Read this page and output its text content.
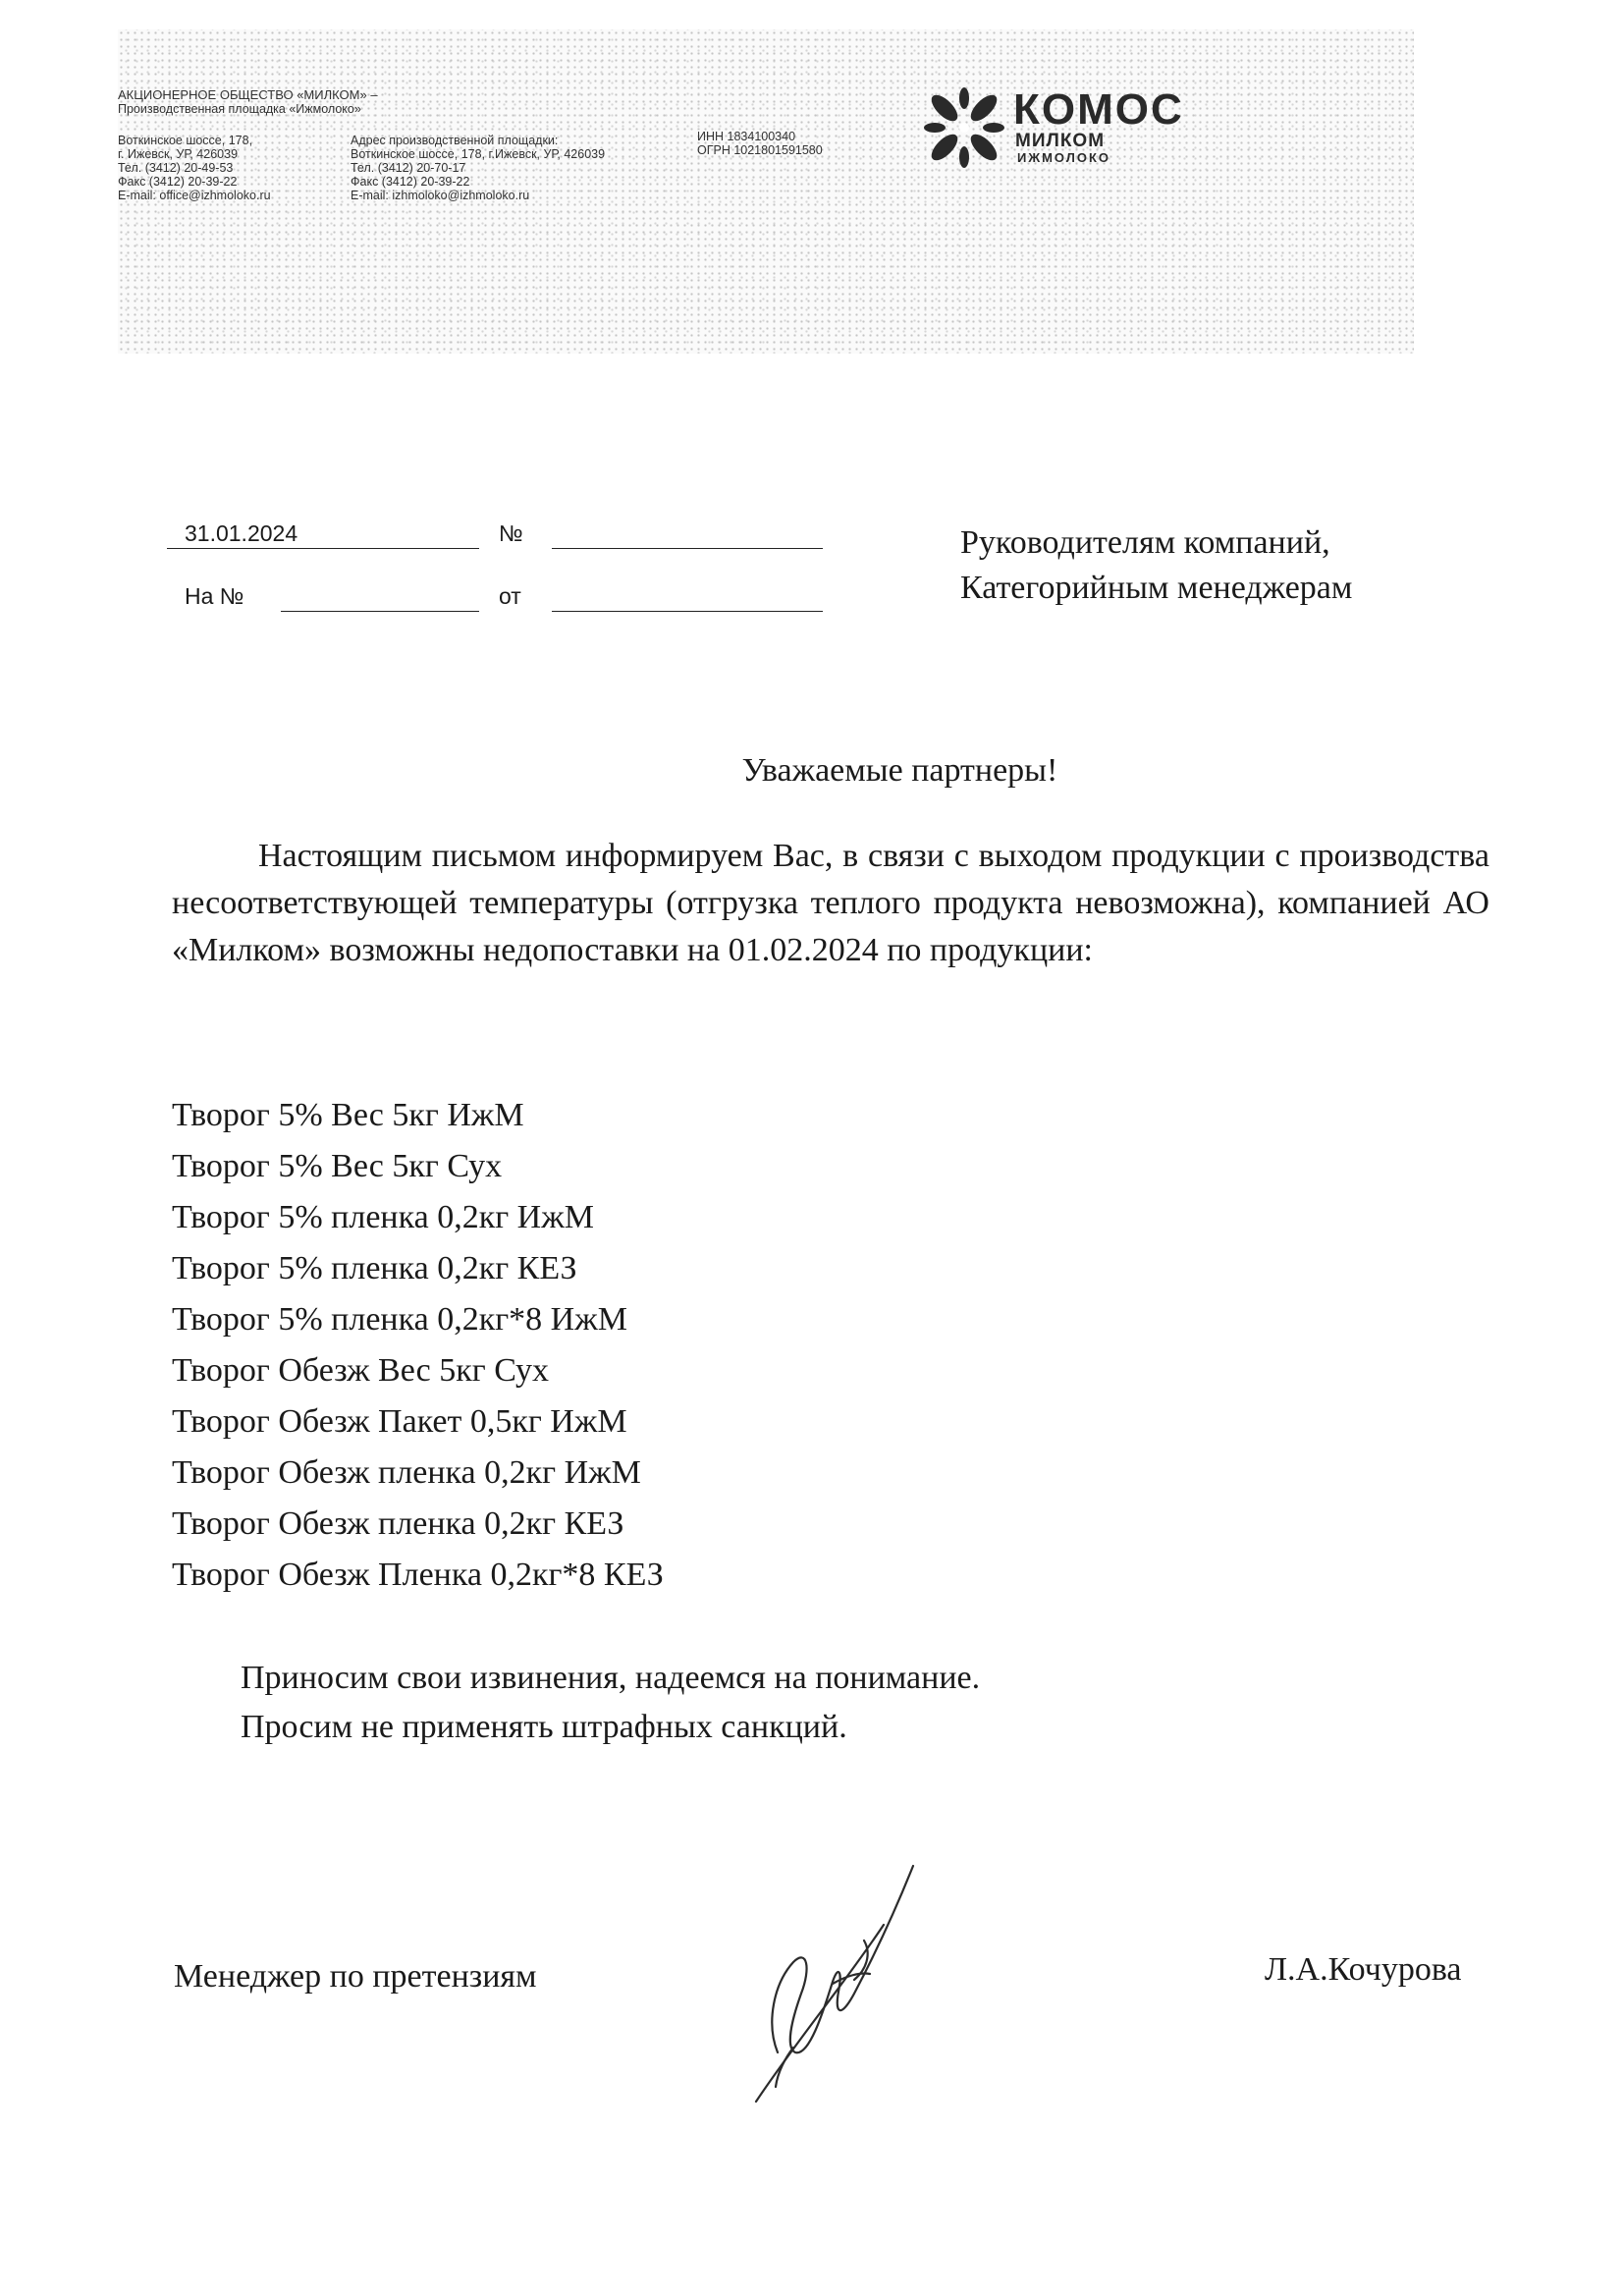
АКЦИОНЕРНОЕ ОБЩЕСТВО «МИЛКОМ» –
Производственная площадка «Ижмолоко»
Воткинское шоссе, 178,
г. Ижевск, УР, 426039
Тел. (3412) 20-49-53
Факс (3412) 20-39-22
E-mail: office@izhmoloko.ru
Адрес производственной площадки:
Воткинское шоссе, 178, г.Ижевск, УР, 426039
Тел. (3412) 20-70-17
Факс (3412) 20-39-22
E-mail: izhmoloko@izhmoloko.ru
ИНН 1834100340
ОГРН 1021801591580
КОМОС
МИЛКОМ
ИЖМОЛОКО
31.01.2024	№
На №	от
Руководителям компаний,
Категорийным менеджерам
Уважаемые партнеры!
Настоящим письмом информируем Вас, в связи с выходом продукции с производства несоответствующей температуры (отгрузка теплого продукта невозможна), компанией АО «Милком» возможны недопоставки на 01.02.2024 по продукции:
Творог 5% Вес 5кг ИжМ
Творог 5% Вес 5кг Сух
Творог 5% пленка 0,2кг ИжМ
Творог 5% пленка 0,2кг КЕЗ
Творог 5% пленка 0,2кг*8 ИжМ
Творог Обезж Вес 5кг Сух
Творог Обезж Пакет 0,5кг ИжМ
Творог Обезж пленка 0,2кг ИжМ
Творог Обезж пленка 0,2кг КЕЗ
Творог Обезж Пленка 0,2кг*8 КЕЗ
Приносим свои извинения, надеемся на понимание.
Просим не применять штрафных санкций.
Менеджер по претензиям	Л.А.Кочурова
